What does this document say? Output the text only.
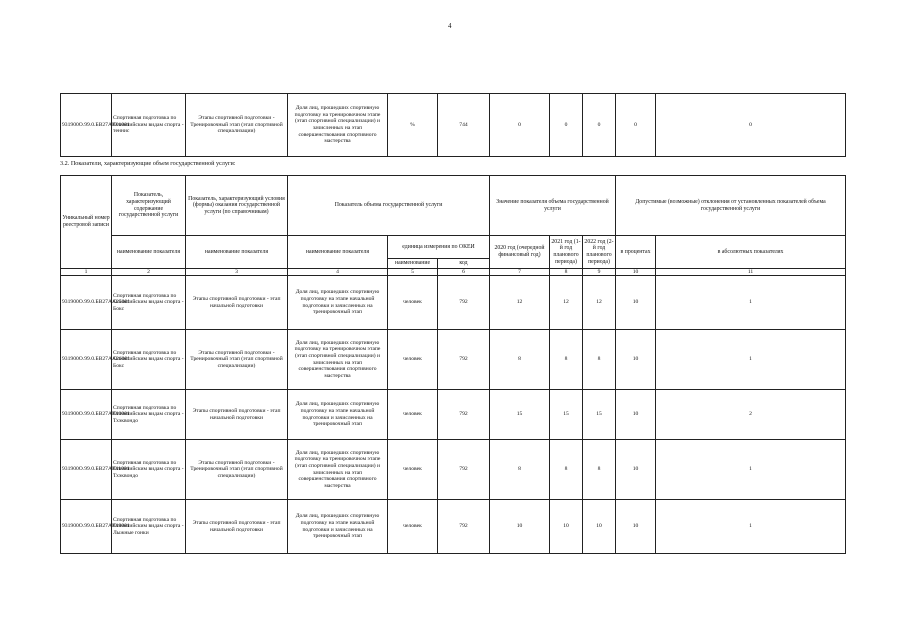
4
931900О.99.0.БВ27АВ01001	Спортивная подготовка по Олимпийским видам спорта - теннис	Этапы спортивной подготовки - Тренировочный этап (этап спортивной специализации)	Доля лиц, прошедших спортивную подготовку на тренировочном этапе (этап спортивной специализации) и зачисленных на этап совершенствования спортивного мастерства	%	744	0	0	0	0	0
3.2. Показатели, характеризующие объем государственной услуги:
Уникальный номер реестровой записи	Показатель, характеризующий содержание государственной услуги	Показатель, характеризующий условия (формы) оказания государственной услуги (по справочникам)	Показатель объема государственной услуги			Значение показателя объема государственной услуги			Допустимые (возможные) отклонения от установленных показателей объема государственной услуги	
	наименование показателя	наименование показателя	наименование показателя	единица измерения по ОКЕИ		2020 год (очередной финансовый год)	2021 год (1-й год планового периода)	2022 год (2-й год планового периода)	в процентах	в абсолютных показателях
				наименование	код					
1	2	3	4	5	6	7	8	9	10	11
931900О.99.0.БВ27АА25001	Спортивная подготовка по Олимпийским видам спорта - Бокс	Этапы спортивной подготовки - этап начальной подготовки	Доля лиц, прошедших спортивную подготовку на этапе начальной подготовки и зачисленных на тренировочный этап	человек	792	12	12	12	10	1
931900О.99.0.БВ27АА26001	Спортивная подготовка по Олимпийским видам спорта - Бокс	Этапы спортивной подготовки - Тренировочный этап (этап спортивной специализации)	Доля лиц, прошедших спортивную подготовку на тренировочном этапе (этап спортивной специализации) и зачисленных на этап совершенствования спортивного мастерства	человек	792	8	8	8	10	1
931900О.99.0.БВ27АВ10001	Спортивная подготовка по Олимпийским видам спорта - Тхэквондо	Этапы спортивной подготовки - этап начальной подготовки	Доля лиц, прошедших спортивную подготовку на этапе начальной подготовки и зачисленных на тренировочный этап	человек	792	15	15	15	10	2
931900О.99.0.БВ27АВ11001	Спортивная подготовка по Олимпийским видам спорта - Тхэквондо	Этапы спортивной подготовки - Тренировочный этап (этап спортивной специализации)	Доля лиц, прошедших спортивную подготовку на тренировочном этапе (этап спортивной специализации) и зачисленных на этап совершенствования спортивного мастерства	человек	792	8	8	8	10	1
931900О.99.0.БВ27АВ18001	Спортивная подготовка по Олимпийским видам спорта - Лыжные гонки	Этапы спортивной подготовки - этап начальной подготовки	Доля лиц, прошедших спортивную подготовку на этапе начальной подготовки и зачисленных на тренировочный этап	человек	792	10	10	10	10	1
